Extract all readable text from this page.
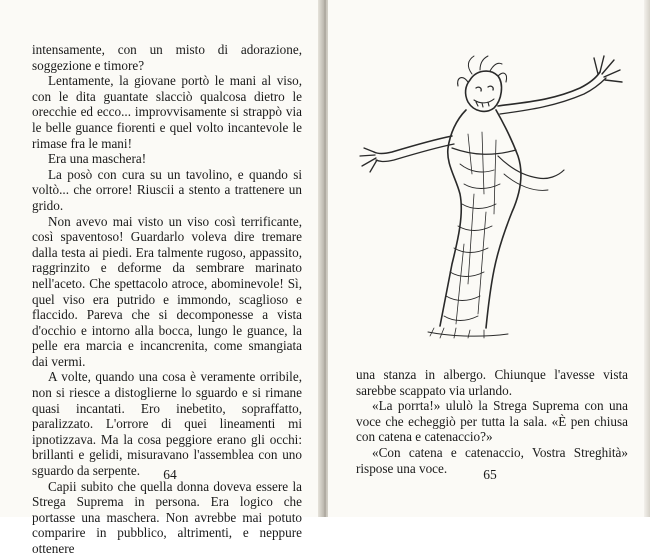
intensamente, con un misto di adorazione, soggezione e timore?

Lentamente, la giovane portò le mani al viso, con le dita guantate slacciò qualcosa dietro le orecchie ed ecco... improvvisamente si strappò via le belle guance fiorenti e quel volto incantevole le rimase fra le mani!

Era una maschera!

La posò con cura su un tavolino, e quando si voltò... che orrore! Riuscii a stento a trattenere un grido.

Non avevo mai visto un viso così terrificante, così spaventoso! Guardarlo voleva dire tremare dalla testa ai piedi. Era talmente rugoso, appassito, raggrinzito e deforme da sembrare marinato nell'aceto. Che spettacolo atroce, abominevole! Sì, quel viso era putrido e immondo, scaglioso e flaccido. Pareva che si decomponesse a vista d'occhio e intorno alla bocca, lungo le guance, la pelle era marcia e incancrenita, come smangiata dai vermi.

A volte, quando una cosa è veramente orribile, non si riesce a distoglierne lo sguardo e si rimane quasi incantati. Ero inebetito, sopraffatto, paralizzato. L'orrore di quei lineamenti mi ipnotizzava. Ma la cosa peggiore erano gli occhi: brillanti e gelidi, misuravano l'assemblea con uno sguardo da serpente.

Capii subito che quella donna doveva essere la Strega Suprema in persona. Era logico che portasse una maschera. Non avrebbe mai potuto comparire in pubblico, altrimenti, e neppure ottenere

64

una stanza in albergo. Chiunque l'avesse vista sarebbe scappato via urlando.

«La porrta!» ululò la Strega Suprema con una voce che echeggiò per tutta la sala. «È pen chiusa con catena e catenaccio?»

«Con catena e catenaccio, Vostra Streghità» rispose una voce.	65
